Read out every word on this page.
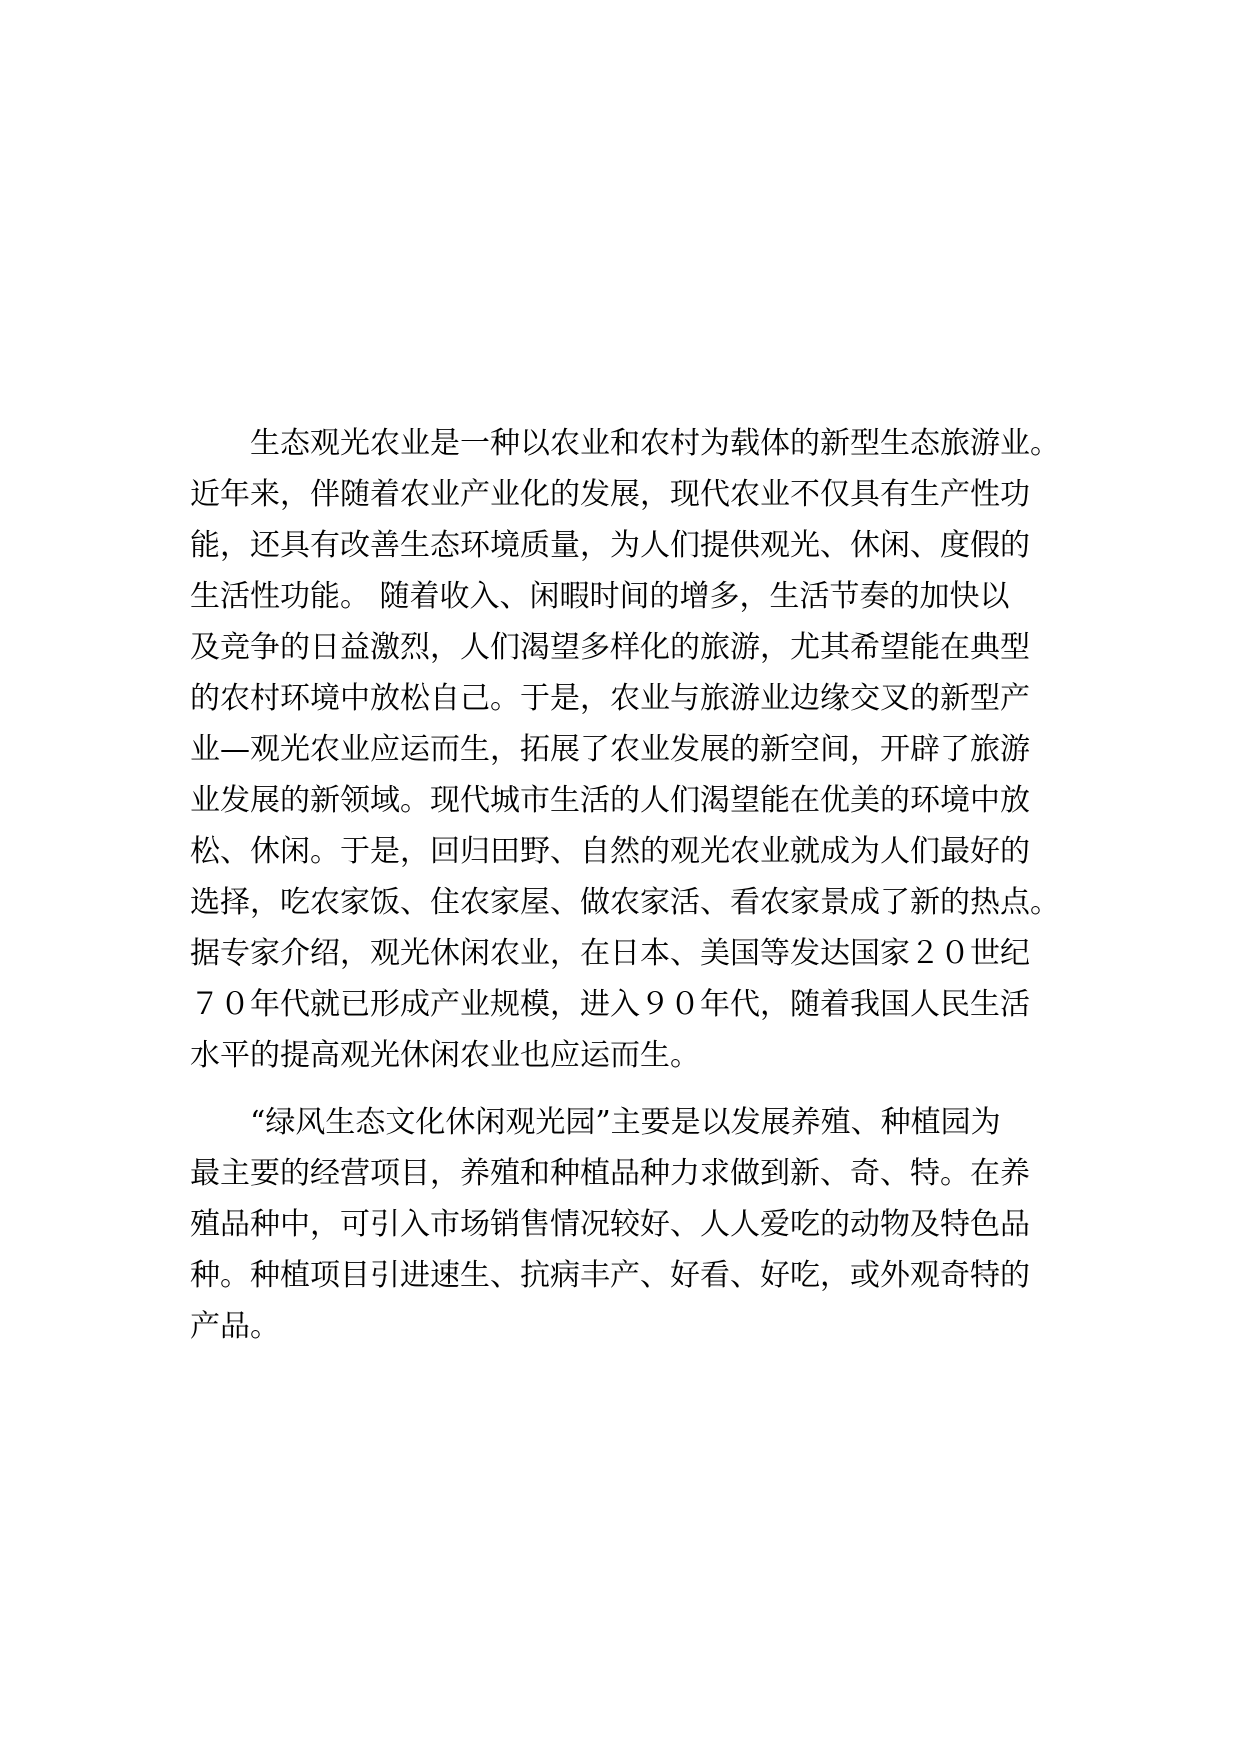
生态观光农业是一种以农业和农村为载体的新型生态旅游业。
近年来，伴随着农业产业化的发展，现代农业不仅具有生产性功
能，还具有改善生态环境质量，为人们提供观光、休闲、度假的
生活性功能。 随着收入、闲暇时间的增多，生活节奏的加快以
及竞争的日益激烈，人们渴望多样化的旅游，尤其希望能在典型
的农村环境中放松自己。于是，农业与旅游业边缘交叉的新型产
业—观光农业应运而生，拓展了农业发展的新空间，开辟了旅游
业发展的新领域。现代城市生活的人们渴望能在优美的环境中放
松、休闲。于是，回归田野、自然的观光农业就成为人们最好的
选择，吃农家饭、住农家屋、做农家活、看农家景成了新的热点。
据专家介绍，观光休闲农业，在日本、美国等发达国家２０世纪
７０年代就已形成产业规模，进入９０年代，随着我国人民生活
水平的提高观光休闲农业也应运而生。
“绿风生态文化休闲观光园”主要是以发展养殖、种植园为
最主要的经营项目，养殖和种植品种力求做到新、奇、特。在养
殖品种中，可引入市场销售情况较好、人人爱吃的动物及特色品
种。种植项目引进速生、抗病丰产、好看、好吃，或外观奇特的
产品。
